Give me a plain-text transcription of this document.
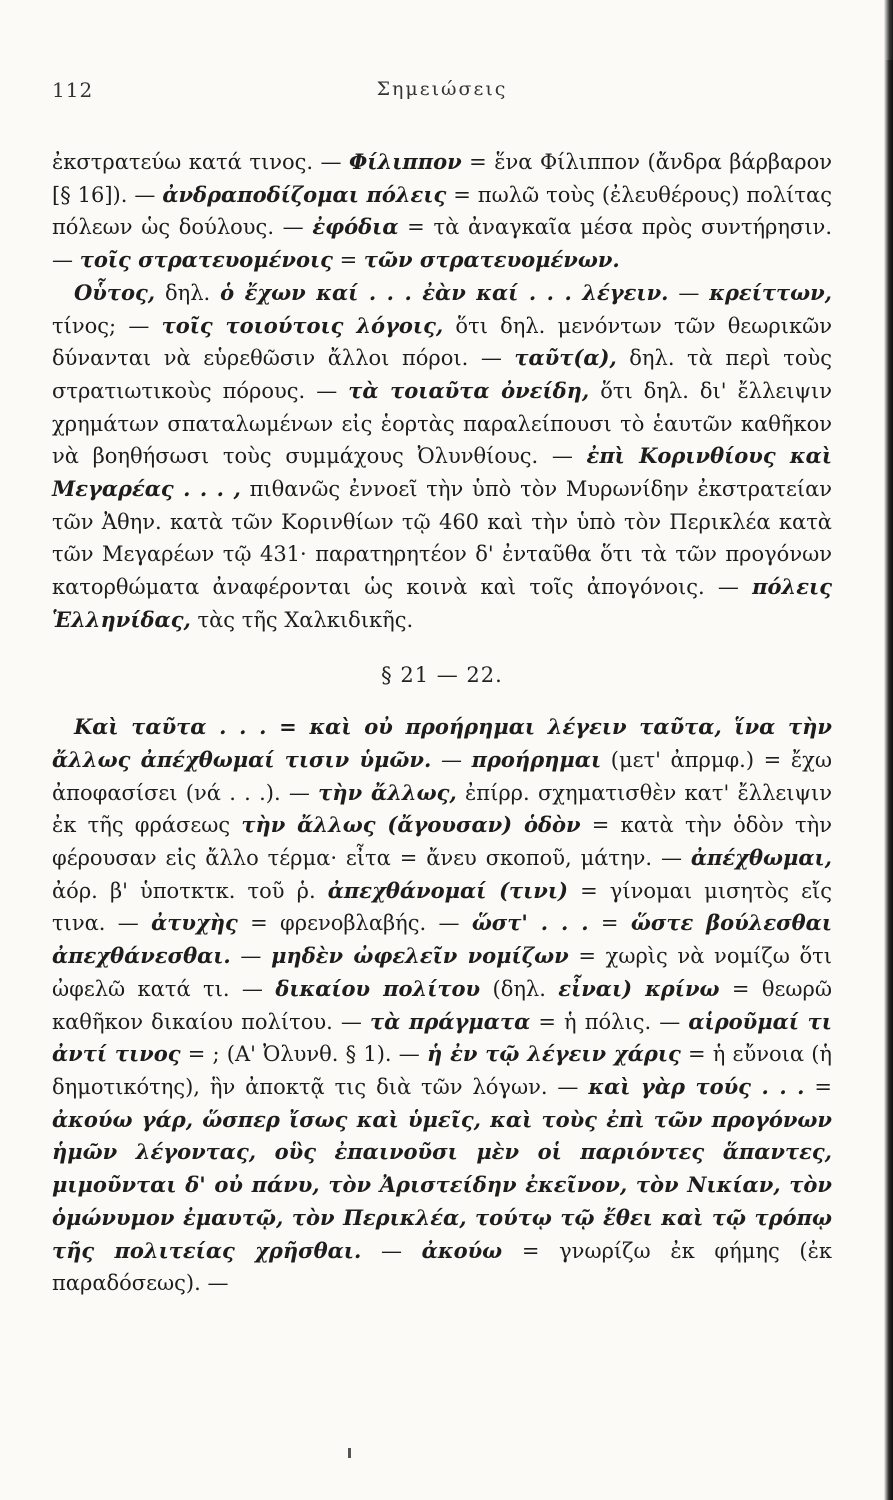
112	Σημειώσεις

ἐκστρατεύω κατά τινος. — Φίλιππον = ἕνα Φίλιππον (ἄνδρα βάρβαρον [§ 16]). — ἀνδραποδίζομαι πόλεις = πωλῶ τοὺς (ἐλευθέρους) πολίτας πόλεων ὡς δούλους. — ἐφόδια = τὰ ἀναγκαῖα μέσα πρὸς συντήρησιν. — τοῖς στρατευομένοις = τῶν στρατευομένων.

Οὗτος, δηλ. ὁ ἔχων καί . . . ἐὰν καί . . . λέγειν. — κρείττων, τίνος; — τοῖς τοιούτοις λόγοις, ὅτι δηλ. μενόντων τῶν θεωρικῶν δύνανται νὰ εὑρεθῶσιν ἄλλοι πόροι. — ταῦτ(α), δηλ. τὰ περὶ τοὺς στρατιωτικοὺς πόρους. — τὰ τοιαῦτα ὀνείδη, ὅτι δηλ. δι' ἔλλειψιν χρημάτων σπαταλωμένων εἰς ἑορτὰς παραλείπουσι τὸ ἑαυτῶν καθῆκον νὰ βοηθήσωσι τοὺς συμμάχους Ὀλυνθίους. — ἐπὶ Κορινθίους καὶ Μεγαρέας . . . , πιθανῶς ἐννοεῖ τὴν ὑπὸ τὸν Μυρωνίδην ἐκστρατείαν τῶν Ἀθην. κατὰ τῶν Κορινθίων τῷ 460 καὶ τὴν ὑπὸ τὸν Περικλέα κατὰ τῶν Μεγαρέων τῷ 431· παρατηρητέον δ' ἐνταῦθα ὅτι τὰ τῶν προγόνων κατορθώματα ἀναφέρονται ὡς κοινὰ καὶ τοῖς ἀπογόνοις. — πόλεις Ἑλληνίδας, τὰς τῆς Χαλκιδικῆς.

§ 21 — 22.

Καὶ ταῦτα . . . = καὶ οὐ προήρημαι λέγειν ταῦτα, ἵνα τὴν ἄλλως ἀπέχθωμαί τισιν ὑμῶν. — προήρημαι (μετ' ἀπρμφ.) = ἔχω ἀποφασίσει (νά . . .). — τὴν ἄλλως, ἐπίρρ. σχηματισθὲν κατ' ἔλλειψιν ἐκ τῆς φράσεως τὴν ἄλλως (ἄγουσαν) ὁδὸν = κατὰ τὴν ὁδὸν τὴν φέρουσαν εἰς ἄλλο τέρμα· εἶτα = ἄνευ σκοποῦ, μάτην. — ἀπέχθωμαι, ἀόρ. β' ὑποτκτκ. τοῦ ῥ. ἀπεχθάνομαί (τινι) = γίνομαι μισητὸς εἴς τινα. — ἀτυχὴς = φρενοβλαβής. — ὥστ' . . . = ὥστε βούλεσθαι ἀπεχθάνεσθαι. — μηδὲν ὠφελεῖν νομίζων = χωρὶς νὰ νομίζω ὅτι ὠφελῶ κατά τι. — δικαίου πολίτου (δηλ. εἶναι) κρίνω = θεωρῶ καθῆκον δικαίου πολίτου. — τὰ πράγματα = ἡ πόλις. — αἱροῦμαί τι ἀντί τινος = ; (Α' Ὀλυνθ. § 1). — ἡ ἐν τῷ λέγειν χάρις = ἡ εὔνοια (ἡ δημοτικότης), ἣν ἀποκτᾷ τις διὰ τῶν λόγων. — καὶ γὰρ τούς . . . = ἀκούω γάρ, ὥσπερ ἴσως καὶ ὑμεῖς, καὶ τοὺς ἐπὶ τῶν προγόνων ἡμῶν λέγοντας, οὓς ἐπαινοῦσι μὲν οἱ παριόντες ἅπαντες, μιμοῦνται δ' οὐ πάνυ, τὸν Ἀριστείδην ἐκεῖνον, τὸν Νικίαν, τὸν ὁμώνυμον ἐμαυτῷ, τὸν Περικλέα, τούτῳ τῷ ἔθει καὶ τῷ τρόπῳ τῆς πολιτείας χρῆσθαι. — ἀκούω = γνωρίζω ἐκ φήμης (ἐκ παραδόσεως). —
